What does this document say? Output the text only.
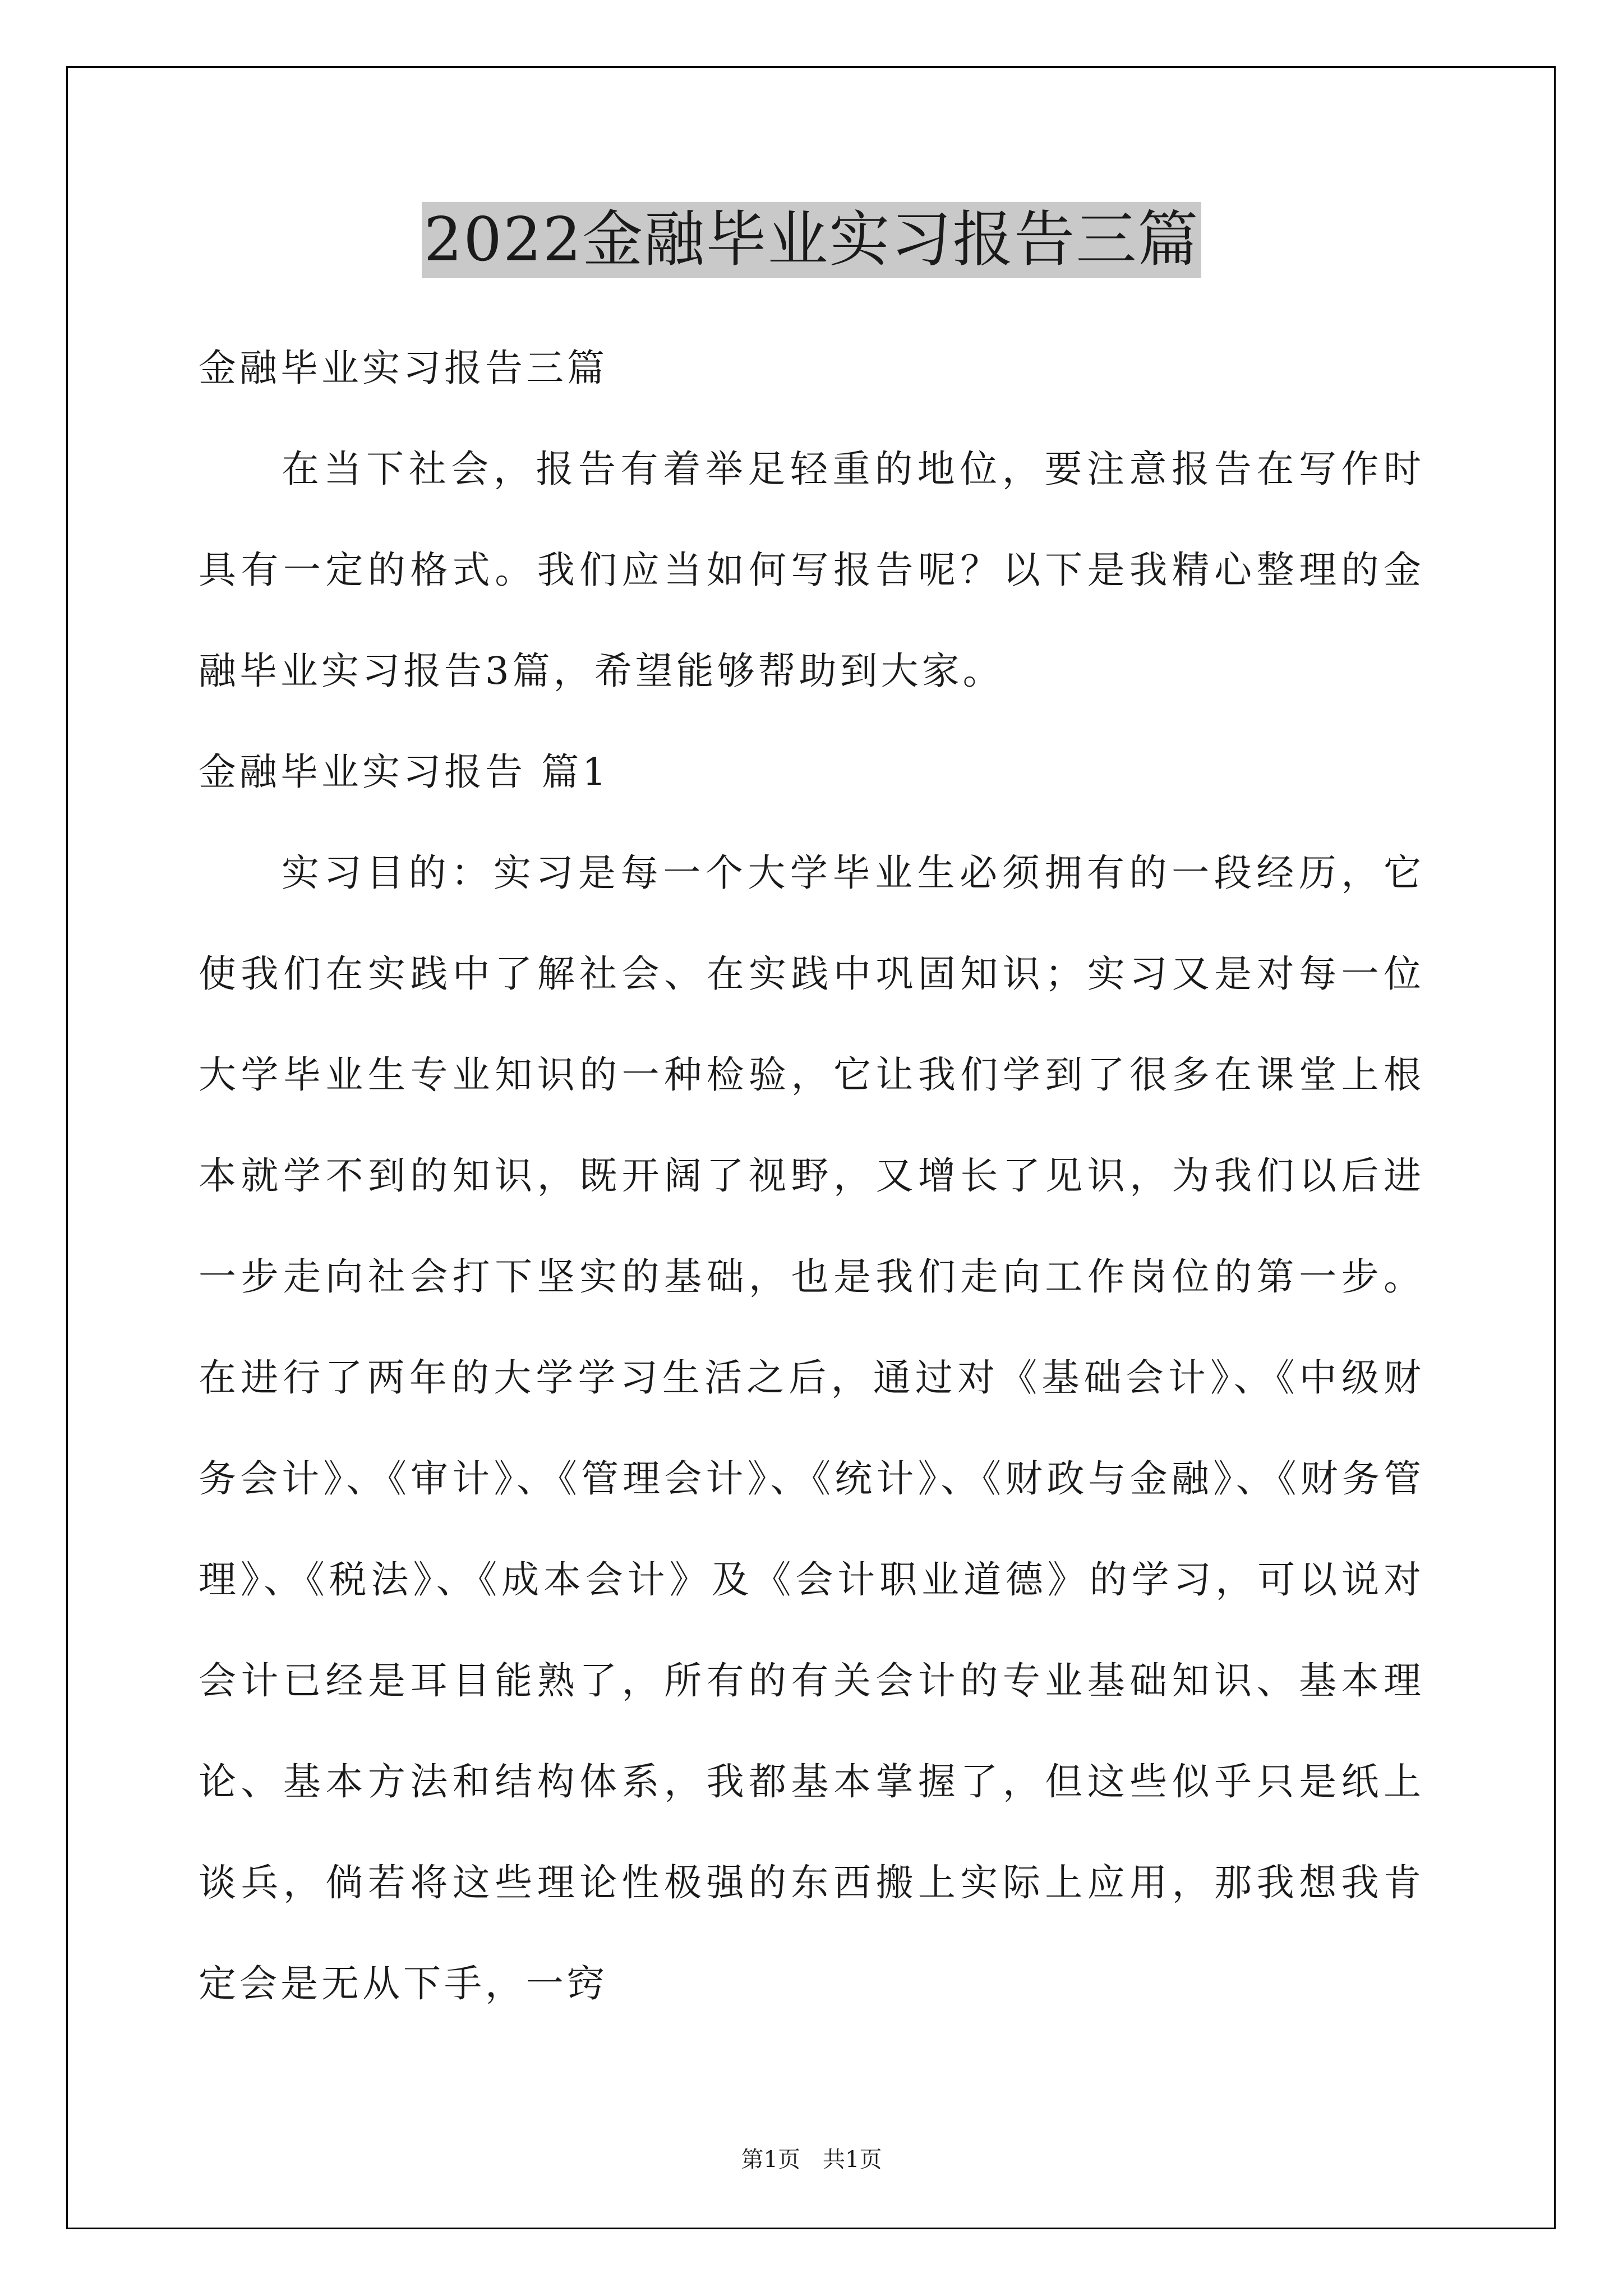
2022金融毕业实习报告三篇

金融毕业实习报告三篇

在当下社会，报告有着举足轻重的地位，要注意报告在写作时具有一定的格式。我们应当如何写报告呢？以下是我精心整理的金融毕业实习报告3篇，希望能够帮助到大家。

金融毕业实习报告 篇1

实习目的：实习是每一个大学毕业生必须拥有的一段经历，它使我们在实践中了解社会、在实践中巩固知识；实习又是对每一位大学毕业生专业知识的一种检验，它让我们学到了很多在课堂上根本就学不到的知识，既开阔了视野，又增长了见识，为我们以后进一步走向社会打下坚实的基础，也是我们走向工作岗位的第一步。在进行了两年的大学学习生活之后，通过对《基础会计》、《中级财务会计》、《审计》、《管理会计》、《统计》、《财政与金融》、《财务管理》、《税法》、《成本会计》及《会计职业道德》的学习，可以说对会计已经是耳目能熟了，所有的有关会计的专业基础知识、基本理论、基本方法和结构体系，我都基本掌握了，但这些似乎只是纸上谈兵，倘若将这些理论性极强的东西搬上实际上应用，那我想我肯定会是无从下手，一窍

第1页 共1页
